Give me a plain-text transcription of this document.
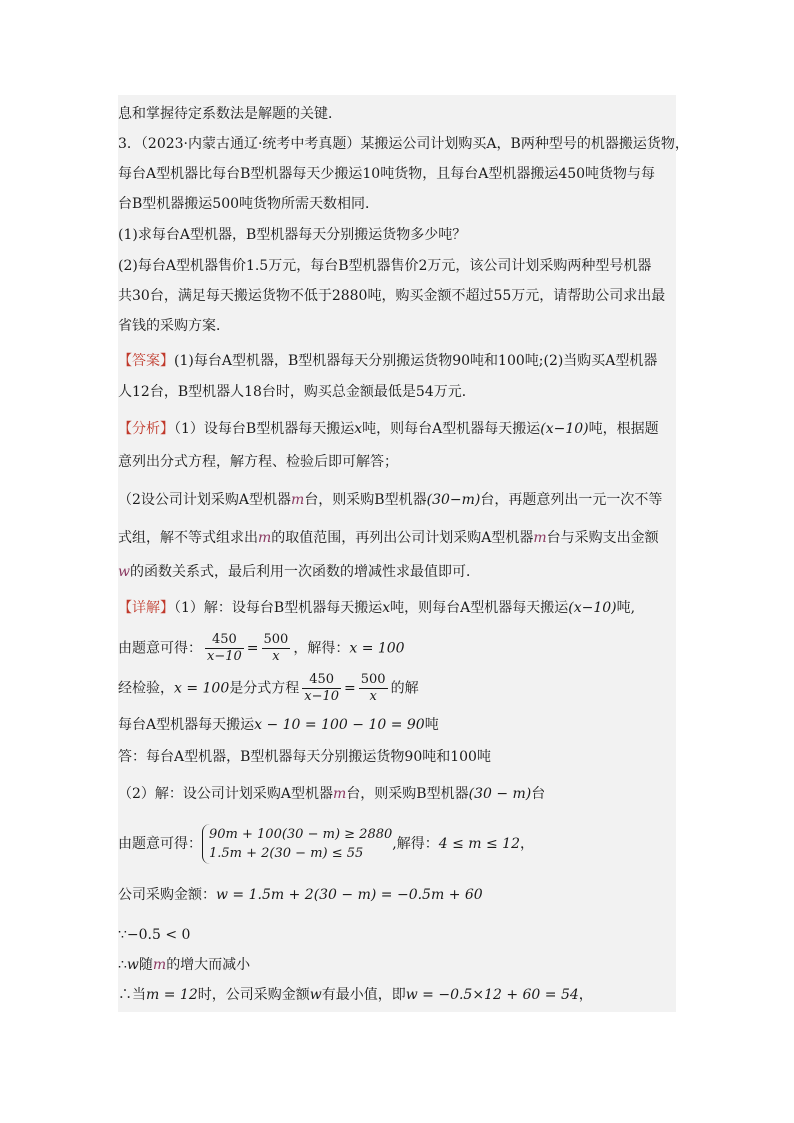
息和掌握待定系数法是解题的关键．
3．（2023·内蒙古通辽·统考中考真题）某搬运公司计划购买A，B两种型号的机器搬运货物，
每台A型机器比每台B型机器每天少搬运10吨货物，且每台A型机器搬运450吨货物与每
台B型机器搬运500吨货物所需天数相同．
(1)求每台A型机器，B型机器每天分别搬运货物多少吨？
(2)每台A型机器售价1.5万元，每台B型机器售价2万元，该公司计划采购两种型号机器
共30台，满足每天搬运货物不低于2880吨，购买金额不超过55万元，请帮助公司求出最
省钱的采购方案．
【答案】(1)每台A型机器，B型机器每天分别搬运货物90吨和100吨;(2)当购买A型机器
人12台，B型机器人18台时，购买总金额最低是54万元．
【分析】（1）设每台B型机器每天搬运x吨，则每台A型机器每天搬运(x−10)吨，根据题
意列出分式方程，解方程、检验后即可解答；
（2设公司计划采购A型机器m台，则采购B型机器(30−m)台，再题意列出一元一次不等
式组，解不等式组求出m的取值范围，再列出公司计划采购A型机器m台与采购支出金额
w的函数关系式，最后利用一次函数的增减性求最值即可．
【详解】（1）解：设每台B型机器每天搬运x吨，则每台A型机器每天搬运(x−10)吨,
由题意可得： $\frac{450}{x-10} = \frac{500}{x}$ ，解得：x = 100
经检验，x = 100是分式方程 $\frac{450}{x-10} = \frac{500}{x}$ 的解
每台A型机器每天搬运x − 10 = 100 − 10 = 90吨
答：每台A型机器，B型机器每天分别搬运货物90吨和100吨
（2）解：设公司计划采购A型机器m台，则采购B型机器(30 − m)台
由题意可得：
90m + 100(30 − m) ≥ 2880
1.5m + 2(30 − m) ≤ 55
,解得：4 ≤ m ≤ 12，
公司采购金额：w = 1.5m + 2(30 − m) = −0.5m + 60
∵−0.5 < 0
∴w随m的增大而减小
∴当m = 12时，公司采购金额w有最小值，即w = −0.5×12 + 60 = 54，
